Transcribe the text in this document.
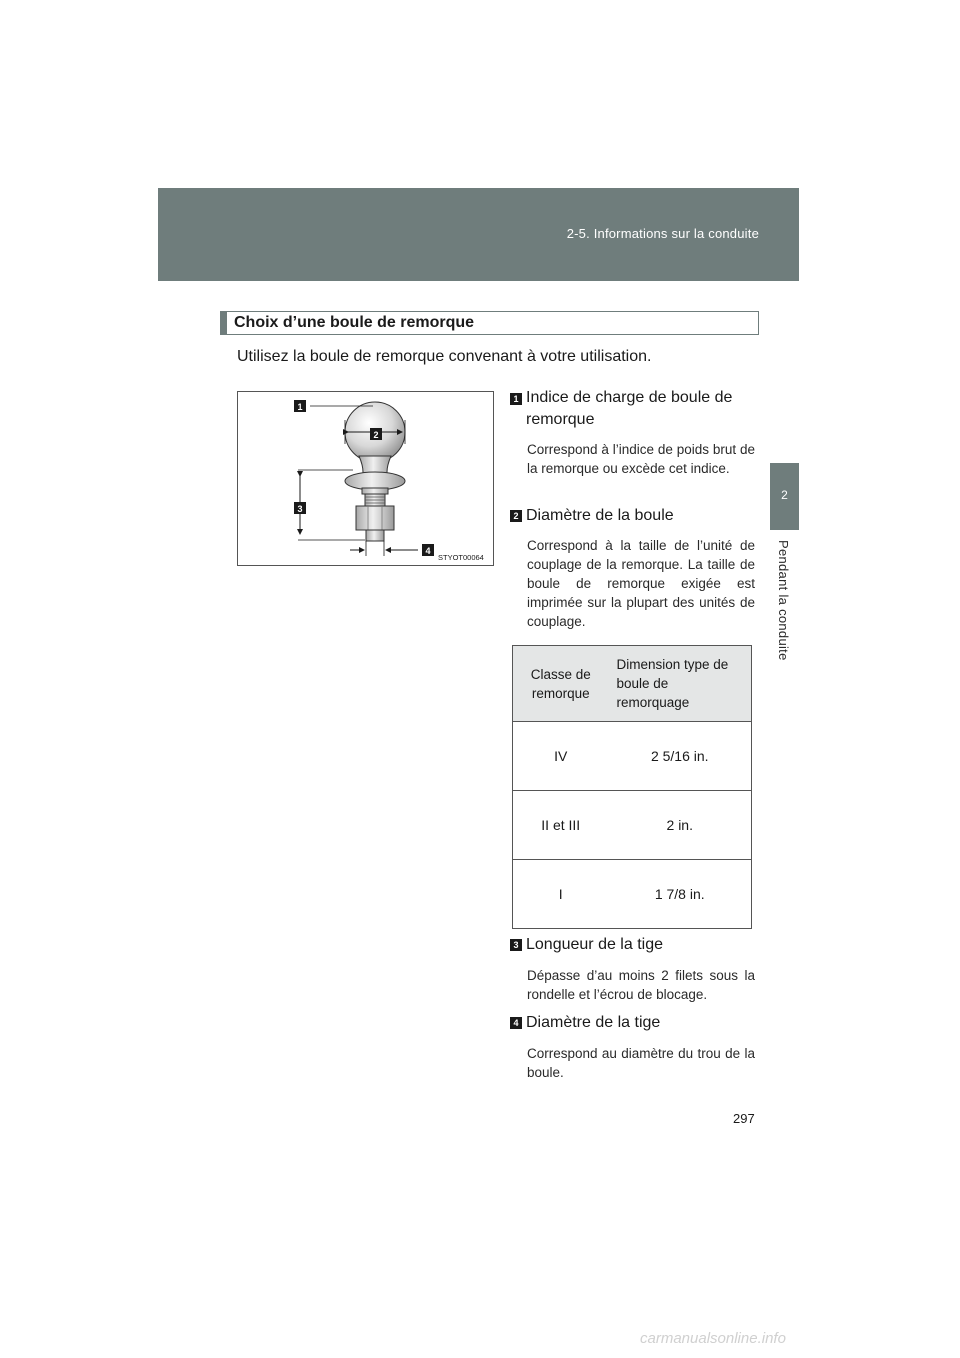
2-5. Informations sur la conduite
2
Pendant la conduite
Choix d’une boule de remorque
Utilisez la boule de remorque convenant à votre utilisation.
1
2
3
4
STYOT00064
1 Indice de charge de boule de remorque
Correspond à l’indice de poids brut de la remorque ou excède cet indice.
2 Diamètre de la boule
Correspond à la taille de l’unité de couplage de la remorque. La taille de boule de remorque exigée est imprimée sur la plupart des unités de couplage.
Classe de remorque	Dimension type de boule de remorquage
IV	2 5/16 in.
II et III	2 in.
I	1 7/8 in.
3 Longueur de la tige
Dépasse d’au moins 2 filets sous la rondelle et l’écrou de blocage.
4 Diamètre de la tige
Correspond au diamètre du trou de la boule.
297
carmanualsonline.info
